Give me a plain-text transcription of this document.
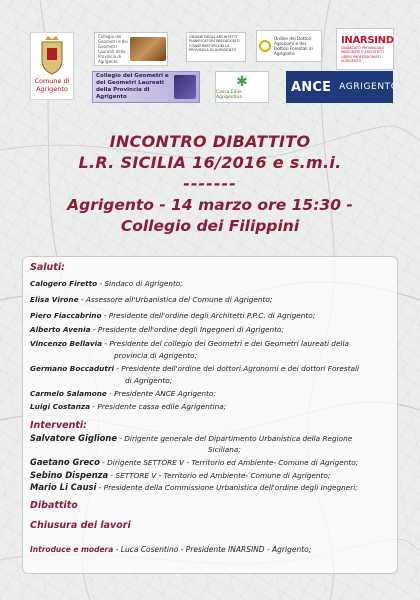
Comune di Agrigento
Collegio dei Geometri e dei Geometri Laureati della Provincia di Agrigento
ORDINE DEGLI ARCHITETTI PIANIFICATORI PAESAGGISTI CONSERVATORI DELLA PROVINCIA DI AGRIGENTO
Ordine dei Dottori Agronomi e dei Dottori Forestali di Agrigento
INARSIND
SINDACATO PROVINCIALE INGEGNERI E ARCHITETTI LIBERI PROFESSIONISTI
AGRIGENTO
Collegio dei Geometri e dei Geometri Laureati della Provincia di Agrigento
✱
Cassa Edile Agrigentina
ANCE AGRIGENTO
INCONTRO DIBATTITO
L.R. SICILIA 16/2016 e s.m.i.
-------
Agrigento - 14 marzo ore 15:30 -
Collegio dei Filippini
Saluti:
Calogero Firetto - Sindaco di Agrigento;
Elisa Virone - Assessore all'Urbanistica del Comune di Agrigento;
Piero Fiaccabrino - Presidente dell'ordine degli Architetti P.P.C. di Agrigento;
Alberto Avenia - Presidente dell'ordine degli Ingegneri di Agrigento;
Vincenzo Bellavia - Presidente del collegio dei Geometri e dei Geometri laureati della
provincia di Agrigento;
Germano Boccadutri - Presidente dell'ordine dei dottori Agronomi e dei dottori Forestali
di Agrigento;
Carmelo Salamone - Presidente ANCE Agrigento;
Luigi Costanza - Presidente cassa edile Agrigentina;
Interventi:
Salvatore Giglione - Dirigente generale del Dipartimento Urbanistica della Regione
Siciliana;
Gaetano Greco - Dirigente SETTORE V - Territorio ed Ambiente- Comune di Agrigento;
Sebino Dispenza - SETTORE V - Territorio ed Ambiente- Comune di Agrigento;
Mario Li Causi - Presidente della Commissione Urbanistica dell'ordine degli Ingegneri;
Dibattito
Chiusura dei lavori
Introduce e modera - Luca Cosentino - Presidente INARSIND - Agrigento;
